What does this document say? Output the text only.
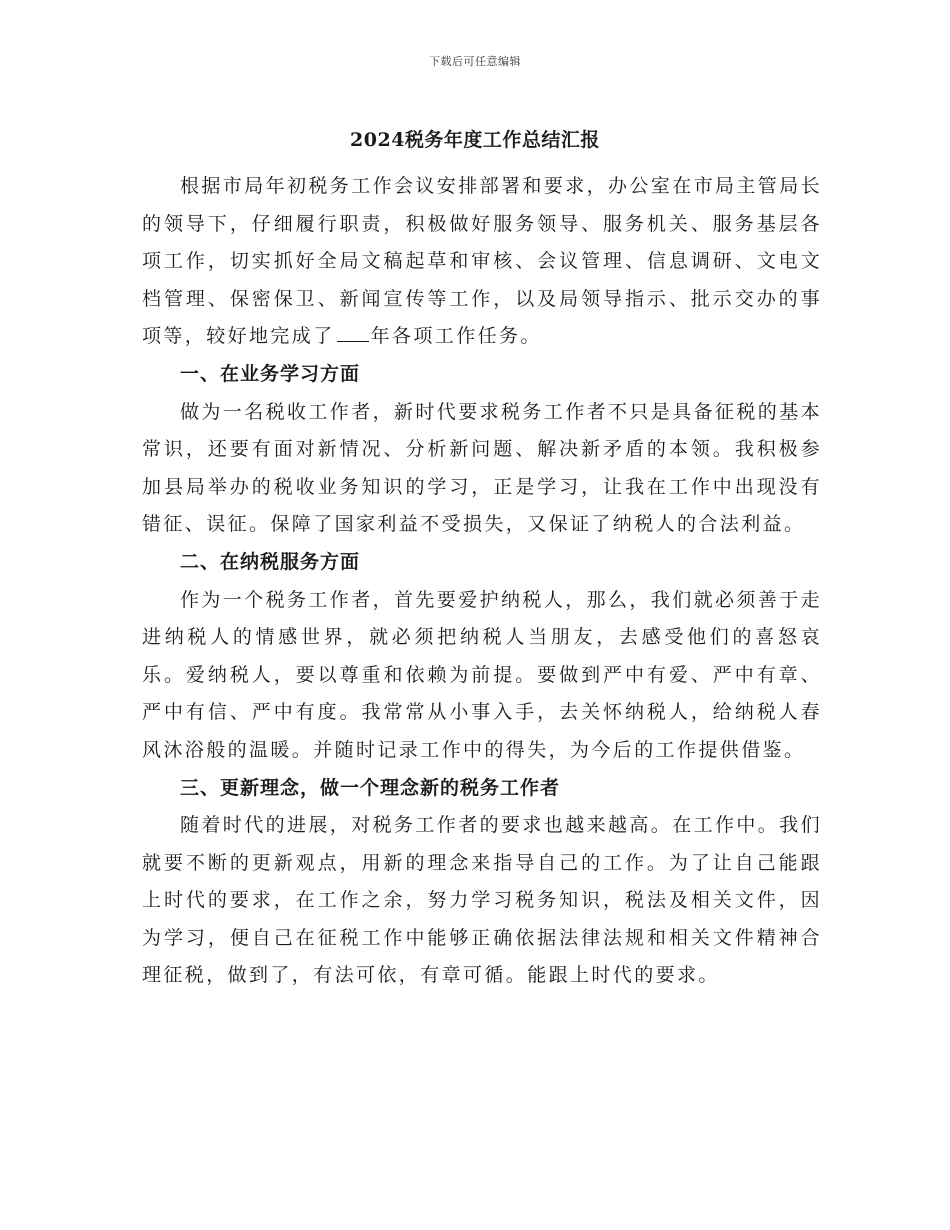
下载后可任意编辑
2024税务年度工作总结汇报

根据市局年初税务工作会议安排部署和要求，办公室在市局主管局长的领导下，仔细履行职责，积极做好服务领导、服务机关、服务基层各项工作，切实抓好全局文稿起草和审核、会议管理、信息调研、文电文档管理、保密保卫、新闻宣传等工作，以及局领导指示、批示交办的事项等，较好地完成了 年各项工作任务。

一、在业务学习方面

做为一名税收工作者，新时代要求税务工作者不只是具备征税的基本常识，还要有面对新情况、分析新问题、解决新矛盾的本领。我积极参加县局举办的税收业务知识的学习，正是学习，让我在工作中出现没有错征、误征。保障了国家利益不受损失，又保证了纳税人的合法利益。

二、在纳税服务方面

作为一个税务工作者，首先要爱护纳税人，那么，我们就必须善于走进纳税人的情感世界，就必须把纳税人当朋友，去感受他们的喜怒哀乐。爱纳税人，要以尊重和依赖为前提。要做到严中有爱、严中有章、严中有信、严中有度。我常常从小事入手，去关怀纳税人，给纳税人春风沐浴般的温暖。并随时记录工作中的得失，为今后的工作提供借鉴。

三、更新理念，做一个理念新的税务工作者

随着时代的进展，对税务工作者的要求也越来越高。在工作中。我们就要不断的更新观点，用新的理念来指导自己的工作。为了让自己能跟上时代的要求，在工作之余，努力学习税务知识，税法及相关文件，因为学习，便自己在征税工作中能够正确依据法律法规和相关文件精神合理征税，做到了，有法可依，有章可循。能跟上时代的要求。
